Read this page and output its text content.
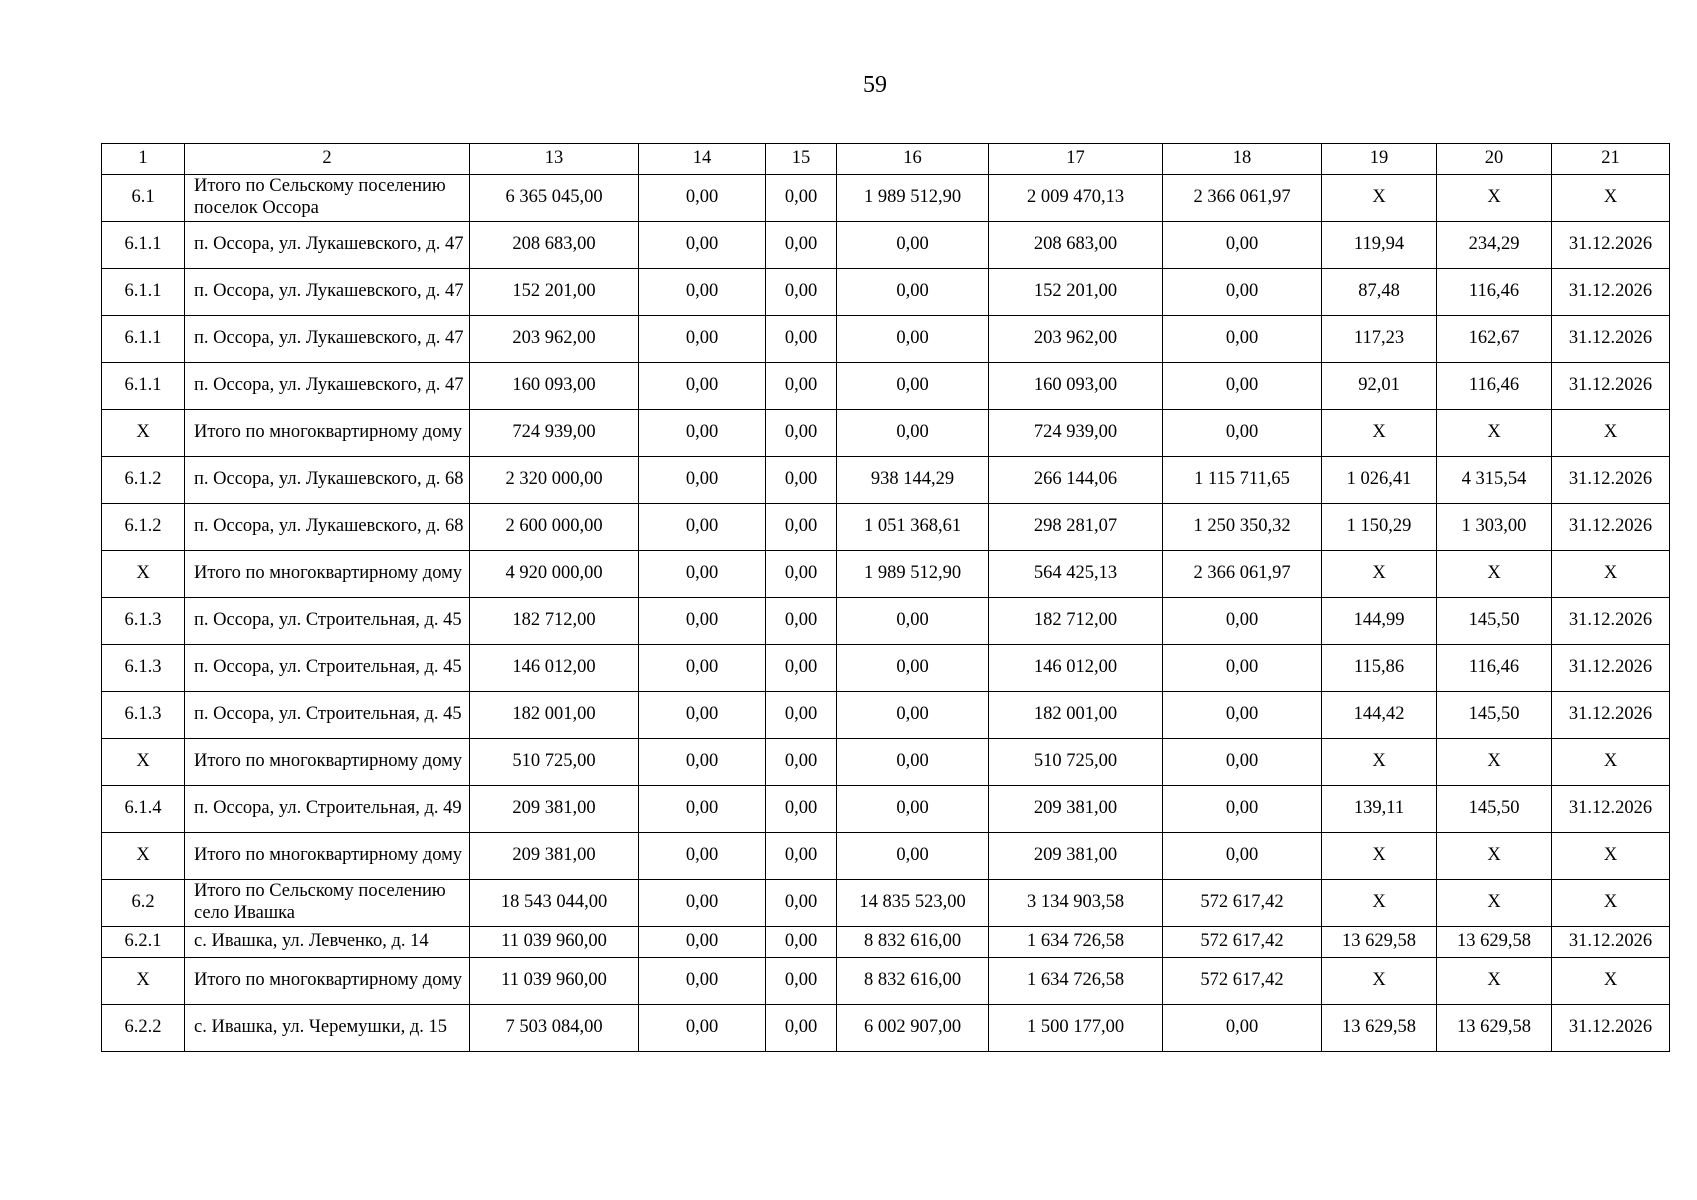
59
1	2	13	14	15	16	17	18	19	20	21
6.1	Итого по Сельскому поселению поселок Оссора	6 365 045,00	0,00	0,00	1 989 512,90	2 009 470,13	2 366 061,97	Х	Х	Х
6.1.1	п. Оссора, ул. Лукашевского, д. 47	208 683,00	0,00	0,00	0,00	208 683,00	0,00	119,94	234,29	31.12.2026
6.1.1	п. Оссора, ул. Лукашевского, д. 47	152 201,00	0,00	0,00	0,00	152 201,00	0,00	87,48	116,46	31.12.2026
6.1.1	п. Оссора, ул. Лукашевского, д. 47	203 962,00	0,00	0,00	0,00	203 962,00	0,00	117,23	162,67	31.12.2026
6.1.1	п. Оссора, ул. Лукашевского, д. 47	160 093,00	0,00	0,00	0,00	160 093,00	0,00	92,01	116,46	31.12.2026
Х	Итого по многоквартирному дому	724 939,00	0,00	0,00	0,00	724 939,00	0,00	Х	Х	Х
6.1.2	п. Оссора, ул. Лукашевского, д. 68	2 320 000,00	0,00	0,00	938 144,29	266 144,06	1 115 711,65	1 026,41	4 315,54	31.12.2026
6.1.2	п. Оссора, ул. Лукашевского, д. 68	2 600 000,00	0,00	0,00	1 051 368,61	298 281,07	1 250 350,32	1 150,29	1 303,00	31.12.2026
Х	Итого по многоквартирному дому	4 920 000,00	0,00	0,00	1 989 512,90	564 425,13	2 366 061,97	Х	Х	Х
6.1.3	п. Оссора, ул. Строительная, д. 45	182 712,00	0,00	0,00	0,00	182 712,00	0,00	144,99	145,50	31.12.2026
6.1.3	п. Оссора, ул. Строительная, д. 45	146 012,00	0,00	0,00	0,00	146 012,00	0,00	115,86	116,46	31.12.2026
6.1.3	п. Оссора, ул. Строительная, д. 45	182 001,00	0,00	0,00	0,00	182 001,00	0,00	144,42	145,50	31.12.2026
Х	Итого по многоквартирному дому	510 725,00	0,00	0,00	0,00	510 725,00	0,00	Х	Х	Х
6.1.4	п. Оссора, ул. Строительная, д. 49	209 381,00	0,00	0,00	0,00	209 381,00	0,00	139,11	145,50	31.12.2026
Х	Итого по многоквартирному дому	209 381,00	0,00	0,00	0,00	209 381,00	0,00	Х	Х	Х
6.2	Итого по Сельскому поселению село Ивашка	18 543 044,00	0,00	0,00	14 835 523,00	3 134 903,58	572 617,42	Х	Х	Х
6.2.1	с. Ивашка, ул. Левченко, д. 14	11 039 960,00	0,00	0,00	8 832 616,00	1 634 726,58	572 617,42	13 629,58	13 629,58	31.12.2026
Х	Итого по многоквартирному дому	11 039 960,00	0,00	0,00	8 832 616,00	1 634 726,58	572 617,42	Х	Х	Х
6.2.2	с. Ивашка, ул. Черемушки, д. 15	7 503 084,00	0,00	0,00	6 002 907,00	1 500 177,00	0,00	13 629,58	13 629,58	31.12.2026
